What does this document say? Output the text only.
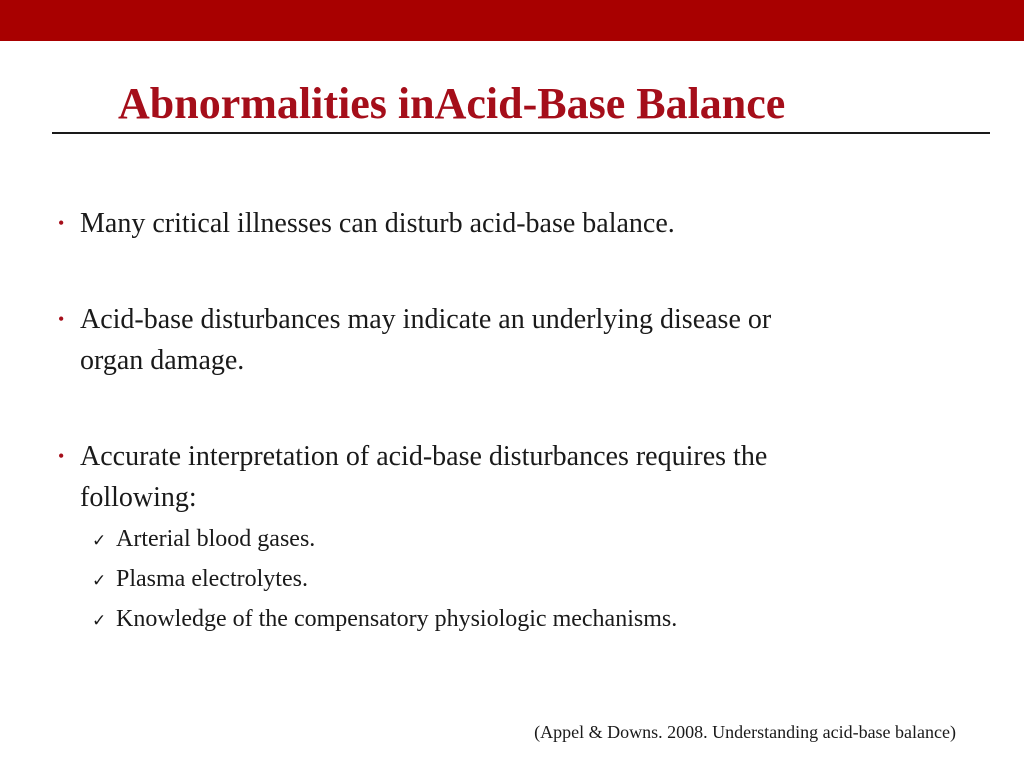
Abnormalities inAcid-Base Balance
• Many critical illnesses can disturb acid-base balance.
• Acid-base disturbances may indicate an underlying disease or organ damage.
• Accurate interpretation of acid-base disturbances requires the following:
✓ Arterial blood gases.
✓ Plasma electrolytes.
✓ Knowledge of the compensatory physiologic mechanisms.
(Appel & Downs. 2008. Understanding acid-base balance)
